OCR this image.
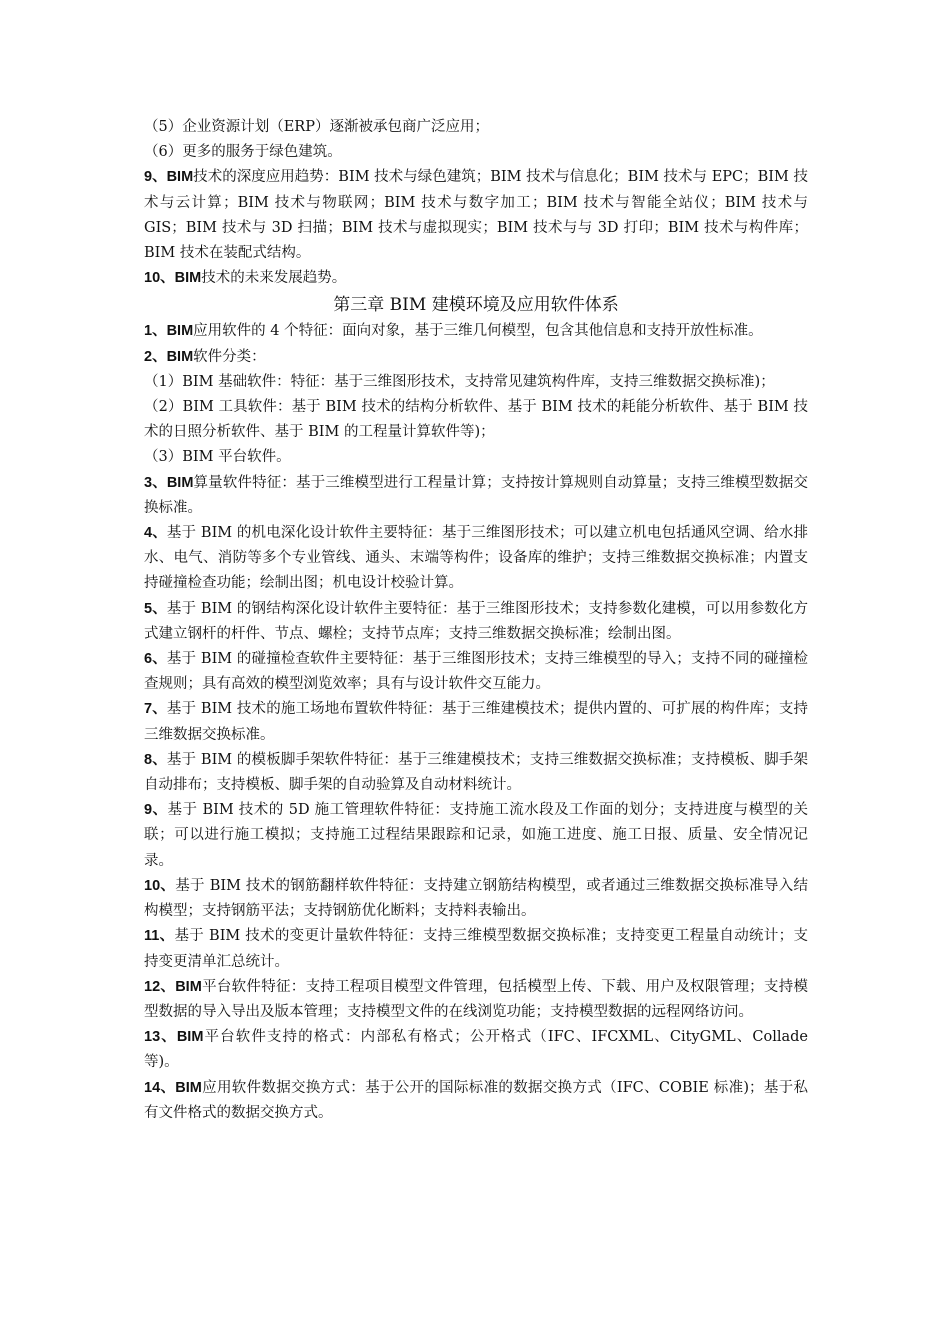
（5）企业资源计划（ERP）逐渐被承包商广泛应用；

（6）更多的服务于绿色建筑。

9、BIM技术的深度应用趋势：BIM 技术与绿色建筑；BIM 技术与信息化；BIM 技术与 EPC；BIM 技术与云计算；BIM 技术与物联网；BIM 技术与数字加工；BIM 技术与智能全站仪；BIM 技术与 GIS；BIM 技术与 3D 扫描；BIM 技术与虚拟现实；BIM 技术与与 3D 打印；BIM 技术与构件库；BIM 技术在装配式结构。

10、BIM技术的未来发展趋势。

第三章 BIM 建模环境及应用软件体系

1、BIM应用软件的 4 个特征：面向对象，基于三维几何模型，包含其他信息和支持开放性标准。

2、BIM软件分类：

（1）BIM 基础软件：特征：基于三维图形技术，支持常见建筑构件库，支持三维数据交换标准)；

（2）BIM 工具软件：基于 BIM 技术的结构分析软件、基于 BIM 技术的耗能分析软件、基于 BIM 技术的日照分析软件、基于 BIM 的工程量计算软件等)；

（3）BIM 平台软件。

3、BIM算量软件特征：基于三维模型进行工程量计算；支持按计算规则自动算量；支持三维模型数据交换标准。

4、基于 BIM 的机电深化设计软件主要特征：基于三维图形技术；可以建立机电包括通风空调、给水排水、电气、消防等多个专业管线、通头、末端等构件；设备库的维护；支持三维数据交换标准；内置支持碰撞检查功能；绘制出图；机电设计校验计算。

5、基于 BIM 的钢结构深化设计软件主要特征：基于三维图形技术；支持参数化建模，可以用参数化方式建立钢杆的杆件、节点、螺栓；支持节点库；支持三维数据交换标准；绘制出图。

6、基于 BIM 的碰撞检查软件主要特征：基于三维图形技术；支持三维模型的导入；支持不同的碰撞检查规则；具有高效的模型浏览效率；具有与设计软件交互能力。

7、基于 BIM 技术的施工场地布置软件特征：基于三维建模技术；提供内置的、可扩展的构件库；支持三维数据交换标准。

8、基于 BIM 的模板脚手架软件特征：基于三维建模技术；支持三维数据交换标准；支持模板、脚手架自动排布；支持模板、脚手架的自动验算及自动材料统计。

9、基于 BIM 技术的 5D 施工管理软件特征：支持施工流水段及工作面的划分；支持进度与模型的关联；可以进行施工模拟；支持施工过程结果跟踪和记录，如施工进度、施工日报、质量、安全情况记录。

10、基于 BIM 技术的钢筋翻样软件特征：支持建立钢筋结构模型，或者通过三维数据交换标准导入结构模型；支持钢筋平法；支持钢筋优化断料；支持料表输出。

11、基于 BIM 技术的变更计量软件特征：支持三维模型数据交换标准；支持变更工程量自动统计；支持变更清单汇总统计。

12、BIM平台软件特征：支持工程项目模型文件管理，包括模型上传、下载、用户及权限管理；支持模型数据的导入导出及版本管理；支持模型文件的在线浏览功能；支持模型数据的远程网络访问。

13、BIM平台软件支持的格式：内部私有格式；公开格式（IFC、IFCXML、CityGML、Collade 等)。

14、BIM应用软件数据交换方式：基于公开的国际标准的数据交换方式（IFC、COBIE 标准)；基于私有文件格式的数据交换方式。
